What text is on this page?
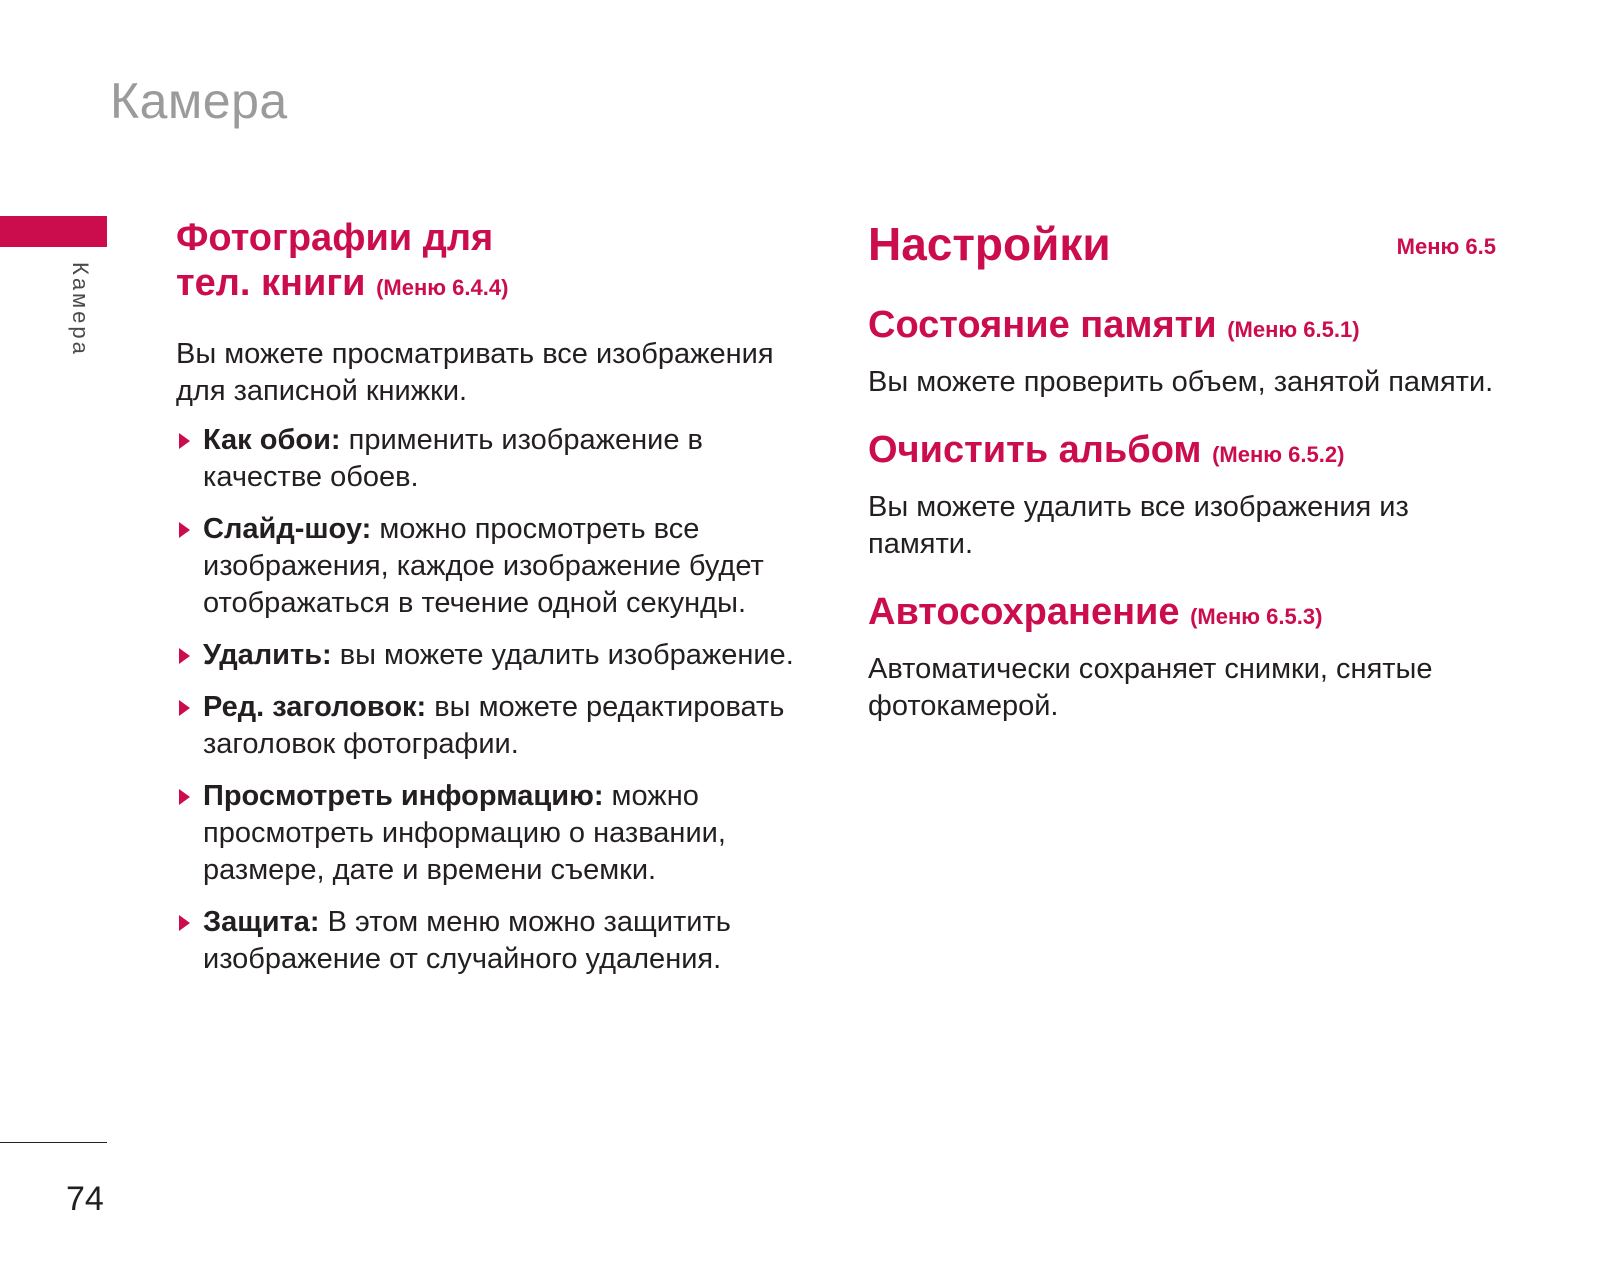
Камера
Камера
74
Фотографии для
тел. книги (Меню 6.4.4)

Вы можете просматривать все изображения для записной книжки.

Как обои: применить изображение в качестве обоев.
Слайд-шоу: можно просмотреть все изображения, каждое изображение будет отображаться в течение одной секунды.
Удалить: вы можете удалить изображение.
Ред. заголовок: вы можете редактировать заголовок фотографии.
Просмотреть информацию: можно просмотреть информацию о названии, размере, дате и времени съемки.
Защита: В этом меню можно защитить изображение от случайного удаления.
Настройки	Меню 6.5
Состояние памяти (Меню 6.5.1)

Вы можете проверить объем, занятой памяти.

Очистить альбом (Меню 6.5.2)

Вы можете удалить все изображения из памяти.

Автосохранение (Меню 6.5.3)

Автоматически сохраняет снимки, снятые фотокамерой.
